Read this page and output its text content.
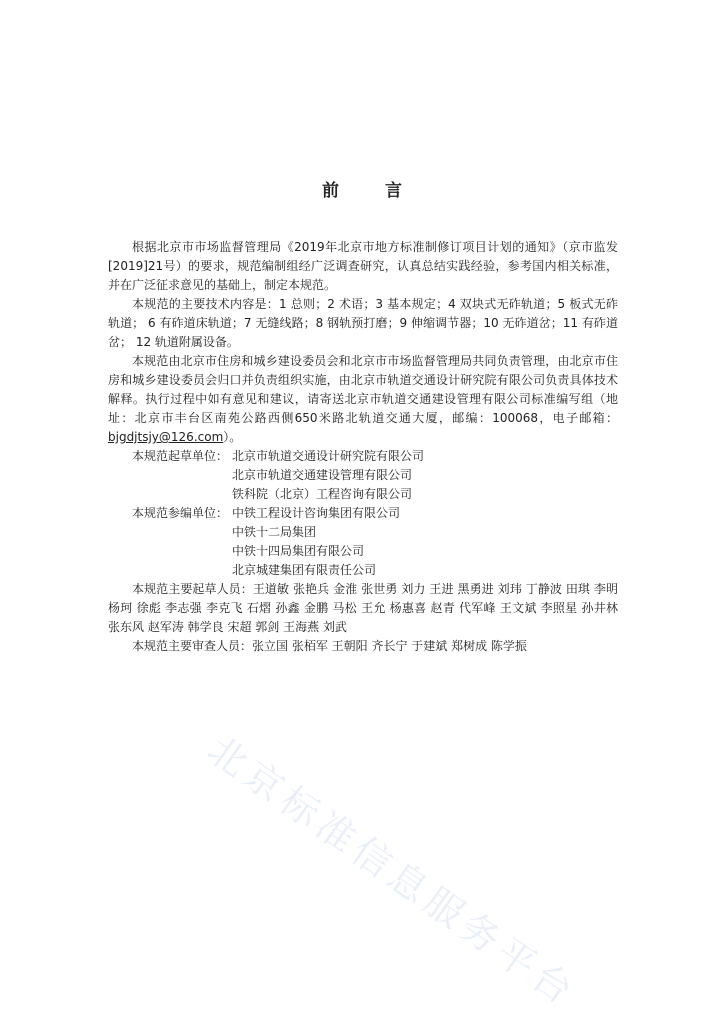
前 言

根据北京市市场监督管理局《2019年北京市地方标准制修订项目计划的通知》（京市监发[2019]21号）的要求，规范编制组经广泛调查研究，认真总结实践经验，参考国内相关标准，并在广泛征求意见的基础上，制定本规范。

本规范的主要技术内容是：1 总则；2 术语；3 基本规定；4 双块式无砟轨道；5 板式无砟轨道； 6 有砟道床轨道；7 无缝线路；8 钢轨预打磨；9 伸缩调节器；10 无砟道岔；11 有砟道岔； 12 轨道附属设备。

本规范由北京市住房和城乡建设委员会和北京市市场监督管理局共同负责管理，由北京市住房和城乡建设委员会归口并负责组织实施，由北京市轨道交通设计研究院有限公司负责具体技术解释。执行过程中如有意见和建议，请寄送北京市轨道交通建设管理有限公司标准编写组（地址：北京市丰台区南苑公路西侧650米路北轨道交通大厦，邮编：100068，电子邮箱：bjgdjtsjy@126.com）。

本规范起草单位： 北京市轨道交通设计研究院有限公司
北京市轨道交通建设管理有限公司
铁科院（北京）工程咨询有限公司
本规范参编单位： 中铁工程设计咨询集团有限公司
中铁十二局集团
中铁十四局集团有限公司
北京城建集团有限责任公司

本规范主要起草人员：王道敏 张艳兵 金淮 张世勇 刘力 王进 黑勇进 刘玮 丁静波 田琪 李明 杨珂 徐彪 李志强 李克飞 石熠 孙鑫 金鹏 马松 王允 杨惠喜 赵青 代军峰 王文斌 李照星 孙井林 张东风 赵军涛 韩学良 宋超 郭剑 王海燕 刘武

本规范主要审查人员：张立国 张栢军 王朝阳 齐长宁 于建斌 郑树成 陈学振

北京标准信息服务平台
